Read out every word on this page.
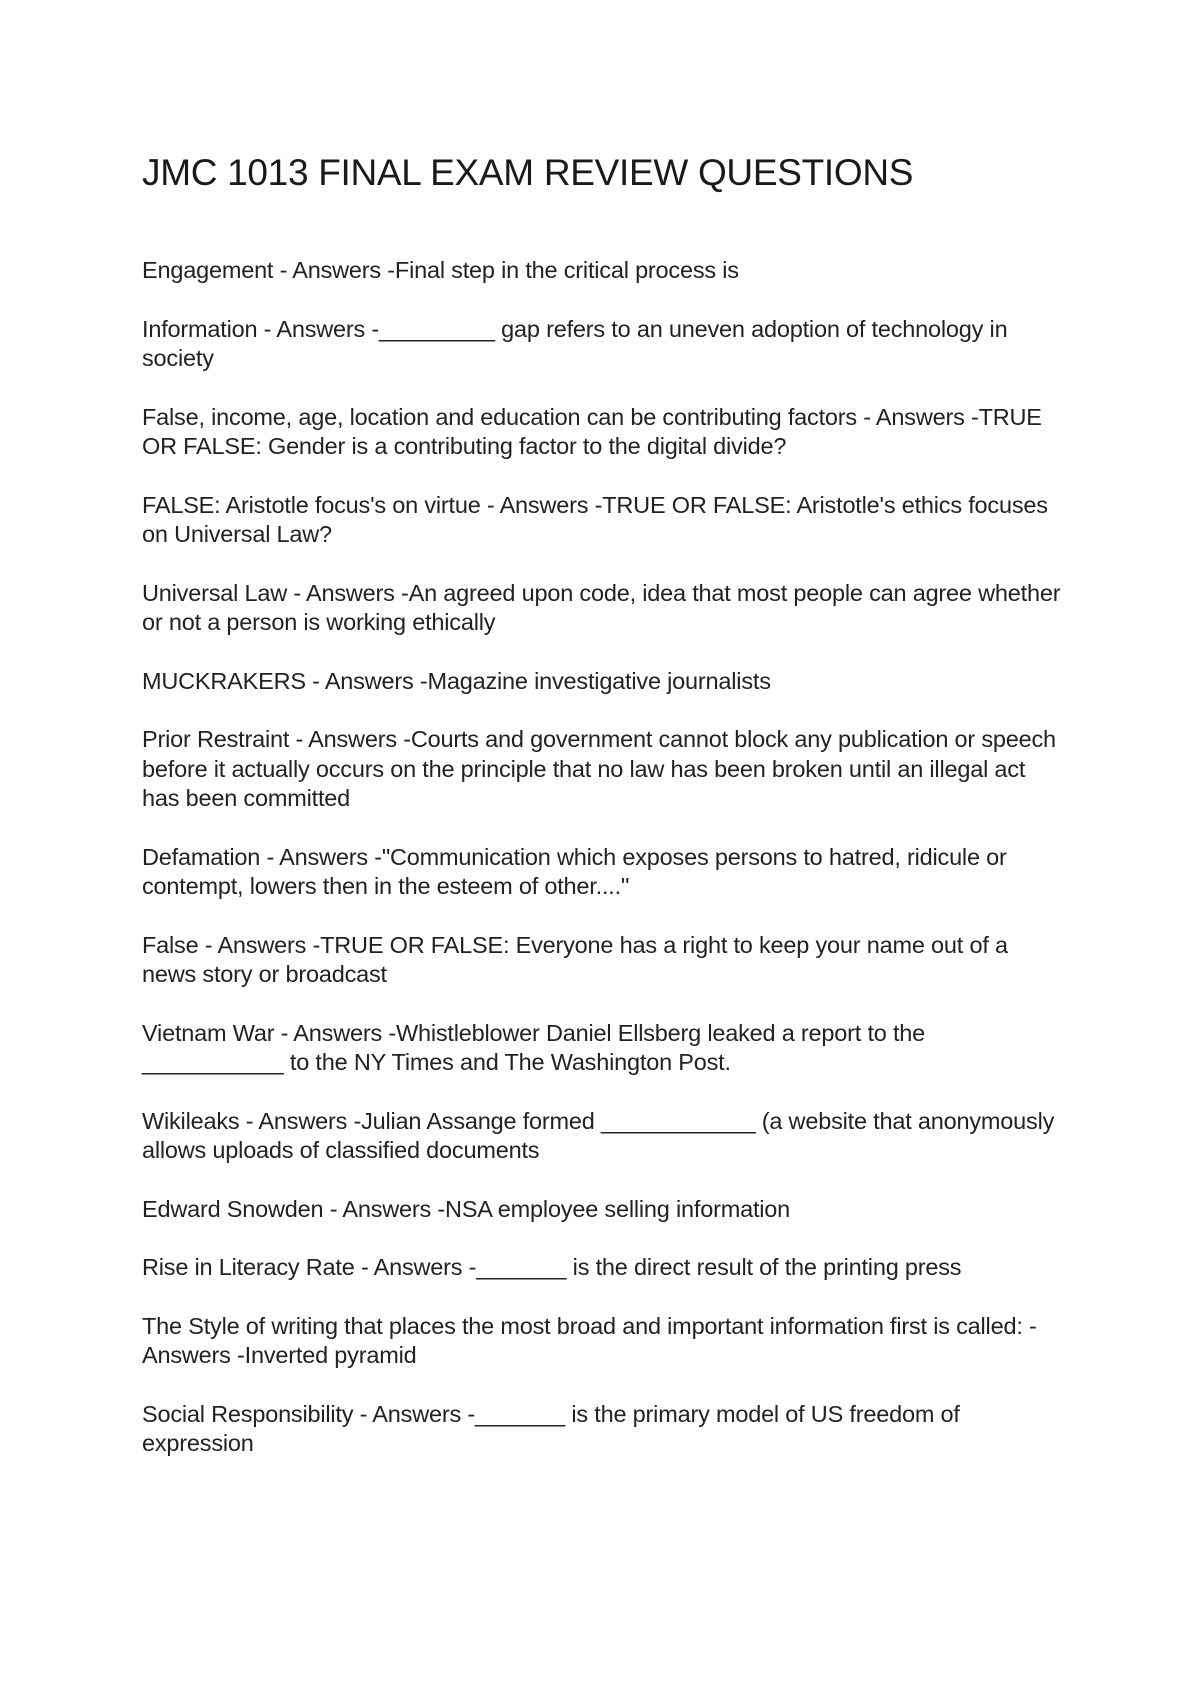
JMC 1013 FINAL EXAM REVIEW QUESTIONS
Engagement - Answers -Final step in the critical process is
Information - Answers -_________ gap refers to an uneven adoption of technology in society
False, income, age, location and education can be contributing factors - Answers -TRUE OR FALSE: Gender is a contributing factor to the digital divide?
FALSE: Aristotle focus's on virtue - Answers -TRUE OR FALSE: Aristotle's ethics focuses on Universal Law?
Universal Law - Answers -An agreed upon code, idea that most people can agree whether or not a person is working ethically
MUCKRAKERS - Answers -Magazine investigative journalists
Prior Restraint - Answers -Courts and government cannot block any publication or speech before it actually occurs on the principle that no law has been broken until an illegal act has been committed
Defamation - Answers -"Communication which exposes persons to hatred, ridicule or contempt, lowers then in the esteem of other...."
False - Answers -TRUE OR FALSE: Everyone has a right to keep your name out of a news story or broadcast
Vietnam War - Answers -Whistleblower Daniel Ellsberg leaked a report to the ___________ to the NY Times and The Washington Post.
Wikileaks - Answers -Julian Assange formed ____________ (a website that anonymously allows uploads of classified documents
Edward Snowden - Answers -NSA employee selling information
Rise in Literacy Rate - Answers -_______ is the direct result of the printing press
The Style of writing that places the most broad and important information first is called: - Answers -Inverted pyramid
Social Responsibility - Answers -_______ is the primary model of US freedom of expression
